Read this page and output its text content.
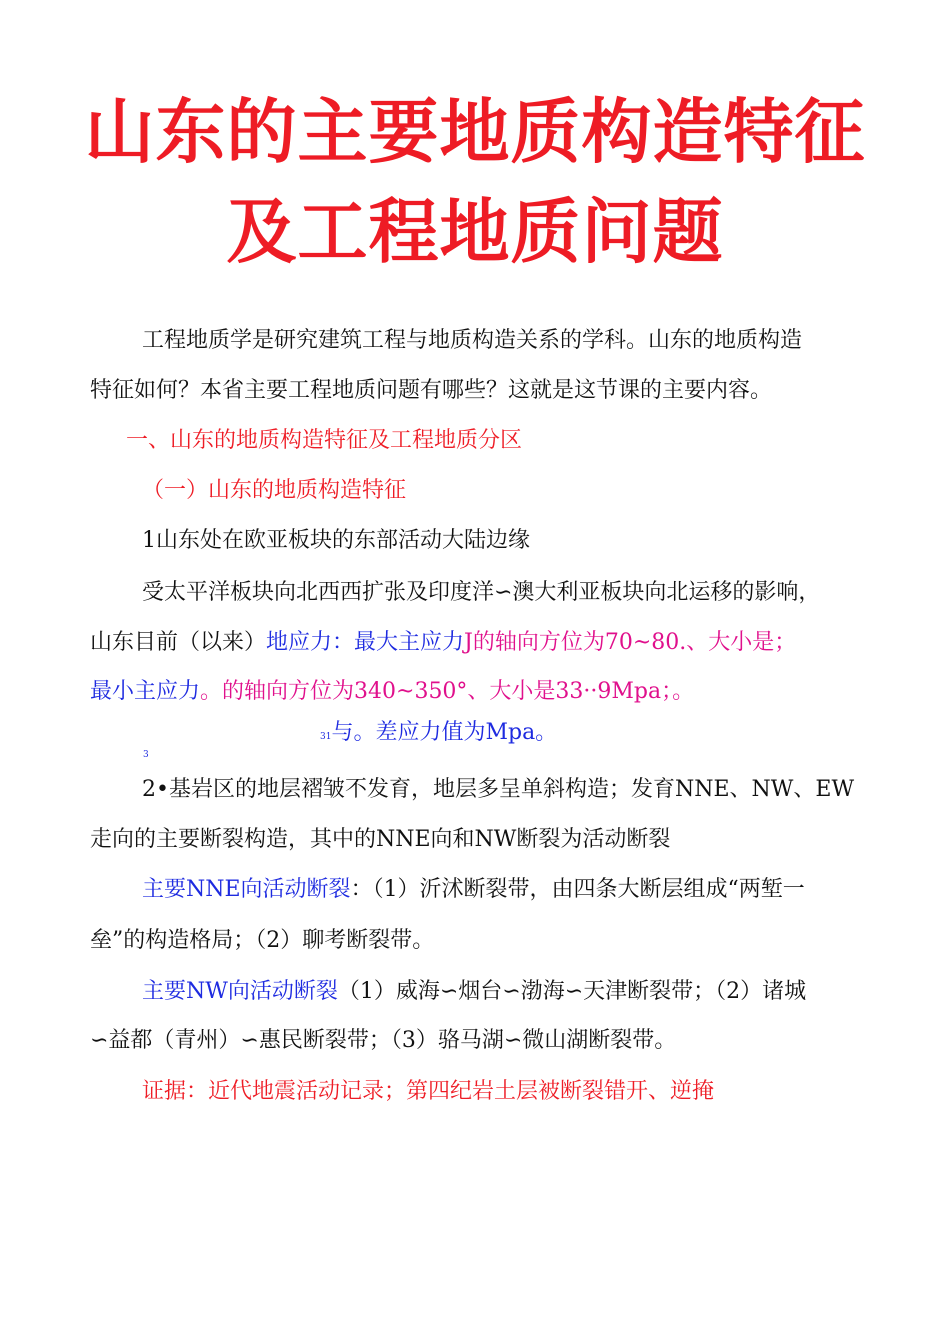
山东的主要地质构造特征
及工程地质问题
工程地质学是研究建筑工程与地质构造关系的学科。山东的地质构造
特征如何？本省主要工程地质问题有哪些？这就是这节课的主要内容。
一、山东的地质构造特征及工程地质分区
（一）山东的地质构造特征
1山东处在欧亚板块的东部活动大陆边缘
受太平洋板块向北西西扩张及印度洋∽澳大利亚板块向北运移的影响，
山东目前（以来）地应力：最大主应力J的轴向方位为70~80.、大小是；
最小主应力。的轴向方位为340~350°、大小是33··9Mpa；。
31与。差应力值为Mpa。
3
2•基岩区的地层褶皱不发育，地层多呈单斜构造；发育NNE、NW、EW
走向的主要断裂构造，其中的NNE向和NW断裂为活动断裂
主要NNE向活动断裂：（1）沂沭断裂带，由四条大断层组成“两堑一
垒”的构造格局；（2）聊考断裂带。
主要NW向活动断裂（1）威海∽烟台∽渤海∽天津断裂带；（2）诸城
∽益都（青州）∽惠民断裂带；（3）骆马湖∽微山湖断裂带。
证据：近代地震活动记录；第四纪岩土层被断裂错开、逆掩
